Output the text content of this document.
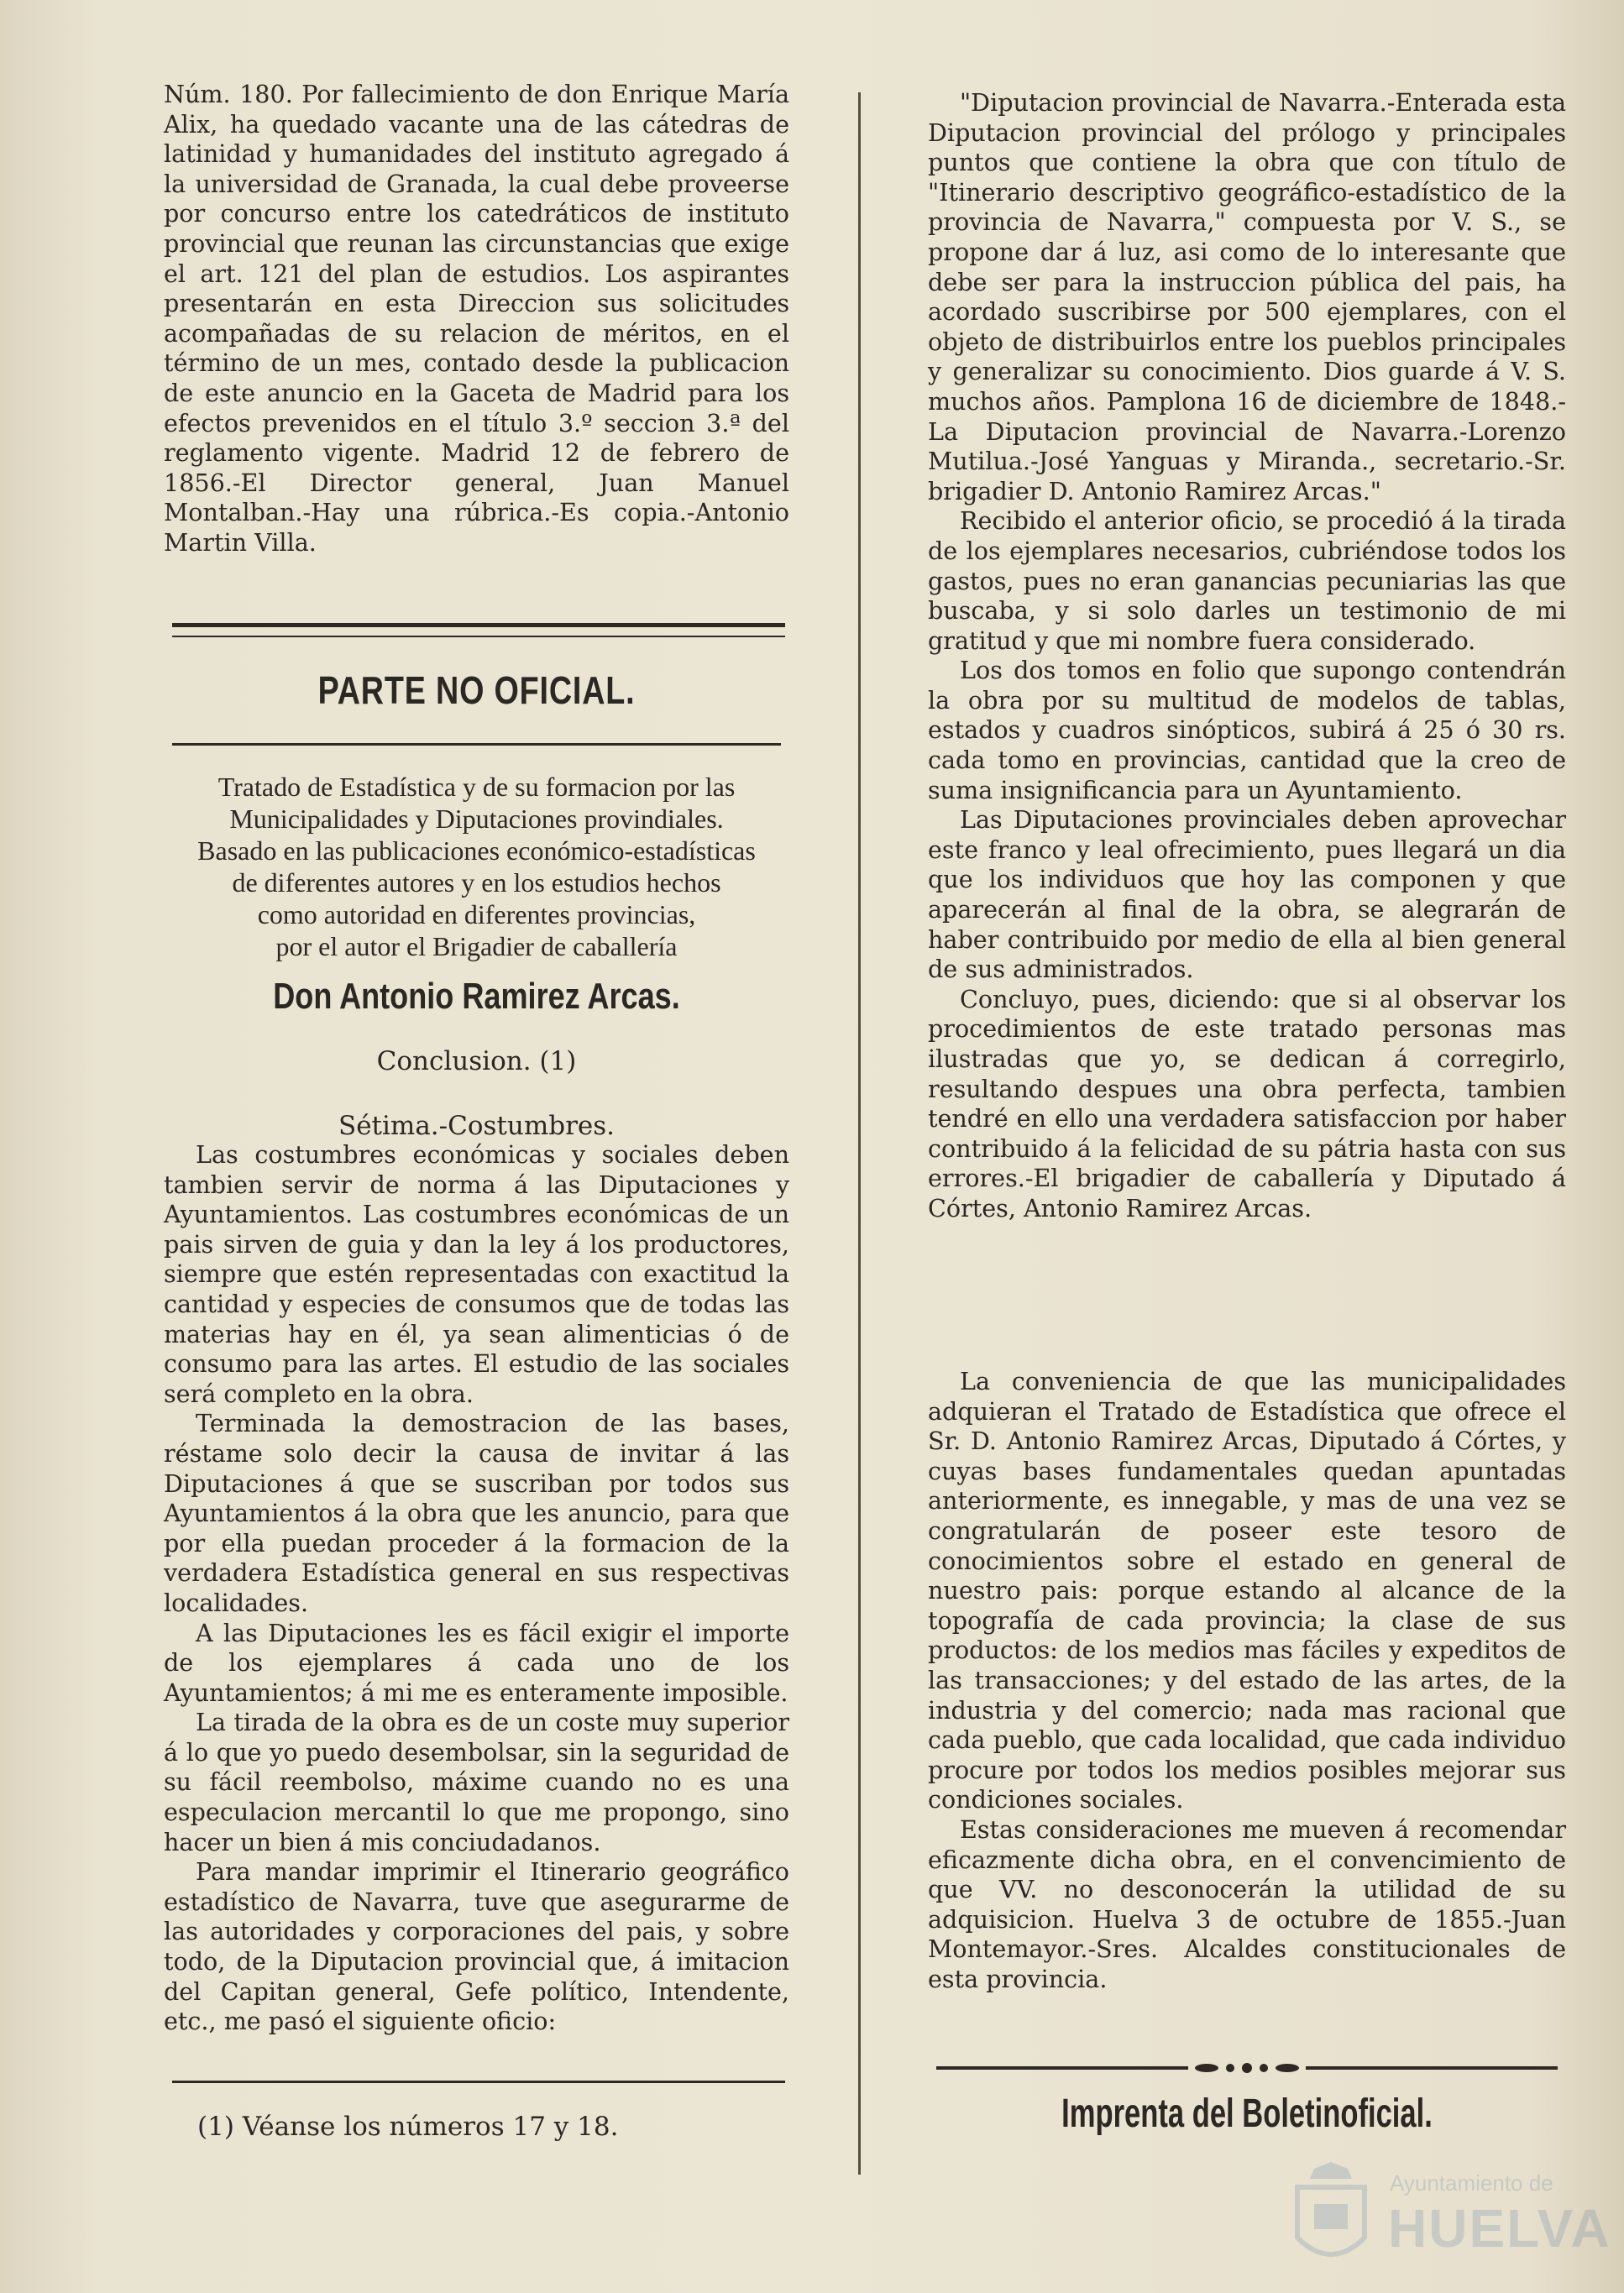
Núm. 180. Por fallecimiento de don Enrique María Alix, ha quedado vacante una de las cátedras de latinidad y humanidades del instituto agregado á la universidad de Granada, la cual debe proveerse por concurso entre los catedráticos de instituto provincial que reunan las circunstancias que exige el art. 121 del plan de estudios. Los aspirantes presentarán en esta Direccion sus solicitudes acompañadas de su relacion de méritos, en el término de un mes, contado desde la publicacion de este anuncio en la Gaceta de Madrid para los efectos prevenidos en el título 3.º seccion 3.ª del reglamento vigente. Madrid 12 de febrero de 1856.-El Director general, Juan Manuel Montalban.-Hay una rúbrica.-Es copia.-Antonio Martin Villa.

PARTE NO OFICIAL.
Tratado de Estadística y de su formacion por las
Municipalidades y Diputaciones provindiales.
Basado en las publicaciones económico-estadísticas
de diferentes autores y en los estudios hechos
como autoridad en diferentes provincias,
por el autor el Brigadier de caballería
Don Antonio Ramirez Arcas.
Conclusion. (1)
Sétima.-Costumbres.

Las costumbres económicas y sociales deben tambien servir de norma á las Diputaciones y Ayuntamientos. Las costumbres económicas de un pais sirven de guia y dan la ley á los productores, siempre que estén representadas con exactitud la cantidad y especies de consumos que de todas las materias hay en él, ya sean alimenticias ó de consumo para las artes. El estudio de las sociales será completo en la obra.

Terminada la demostracion de las bases, réstame solo decir la causa de invitar á las Diputaciones á que se suscriban por todos sus Ayuntamientos á la obra que les anuncio, para que por ella puedan proceder á la formacion de la verdadera Estadística general en sus respectivas localidades.

A las Diputaciones les es fácil exigir el importe de los ejemplares á cada uno de los Ayuntamientos; á mi me es enteramente imposible.

La tirada de la obra es de un coste muy superior á lo que yo puedo desembolsar, sin la seguridad de su fácil reembolso, máxime cuando no es una especulacion mercantil lo que me propongo, sino hacer un bien á mis conciudadanos.

Para mandar imprimir el Itinerario geográfico estadístico de Navarra, tuve que asegurarme de las autoridades y corporaciones del pais, y sobre todo, de la Diputacion provincial que, á imitacion del Capitan general, Gefe político, Intendente, etc., me pasó el siguiente oficio:

(1) Véanse los números 17 y 18.

"Diputacion provincial de Navarra.-Enterada esta Diputacion provincial del prólogo y principales puntos que contiene la obra que con título de "Itinerario descriptivo geográfico-estadístico de la provincia de Navarra," compuesta por V. S., se propone dar á luz, asi como de lo interesante que debe ser para la instruccion pública del pais, ha acordado suscribirse por 500 ejemplares, con el objeto de distribuirlos entre los pueblos principales y generalizar su conocimiento. Dios guarde á V. S. muchos años. Pamplona 16 de diciembre de 1848.-La Diputacion provincial de Navarra.-Lorenzo Mutilua.-José Yanguas y Miranda., secretario.-Sr. brigadier D. Antonio Ramirez Arcas."

Recibido el anterior oficio, se procedió á la tirada de los ejemplares necesarios, cubriéndose todos los gastos, pues no eran ganancias pecuniarias las que buscaba, y si solo darles un testimonio de mi gratitud y que mi nombre fuera considerado.

Los dos tomos en folio que supongo contendrán la obra por su multitud de modelos de tablas, estados y cuadros sinópticos, subirá á 25 ó 30 rs. cada tomo en provincias, cantidad que la creo de suma insignificancia para un Ayuntamiento.

Las Diputaciones provinciales deben aprovechar este franco y leal ofrecimiento, pues llegará un dia que los individuos que hoy las componen y que aparecerán al final de la obra, se alegrarán de haber contribuido por medio de ella al bien general de sus administrados.

Concluyo, pues, diciendo: que si al observar los procedimientos de este tratado personas mas ilustradas que yo, se dedican á corregirlo, resultando despues una obra perfecta, tambien tendré en ello una verdadera satisfaccion por haber contribuido á la felicidad de su pátria hasta con sus errores.-El brigadier de caballería y Diputado á Córtes, Antonio Ramirez Arcas.

La conveniencia de que las municipalidades adquieran el Tratado de Estadística que ofrece el Sr. D. Antonio Ramirez Arcas, Diputado á Córtes, y cuyas bases fundamentales quedan apuntadas anteriormente, es innegable, y mas de una vez se congratularán de poseer este tesoro de conocimientos sobre el estado en general de nuestro pais: porque estando al alcance de la topografía de cada provincia; la clase de sus productos: de los medios mas fáciles y expeditos de las transacciones; y del estado de las artes, de la industria y del comercio; nada mas racional que cada pueblo, que cada localidad, que cada individuo procure por todos los medios posibles mejorar sus condiciones sociales.

Estas consideraciones me mueven á recomendar eficazmente dicha obra, en el convencimiento de que VV. no desconocerán la utilidad de su adquisicion. Huelva 3 de octubre de 1855.-Juan Montemayor.-Sres. Alcaldes constitucionales de esta provincia.

Imprenta del Boletinoficial.
Ayuntamiento de
HUELVA
